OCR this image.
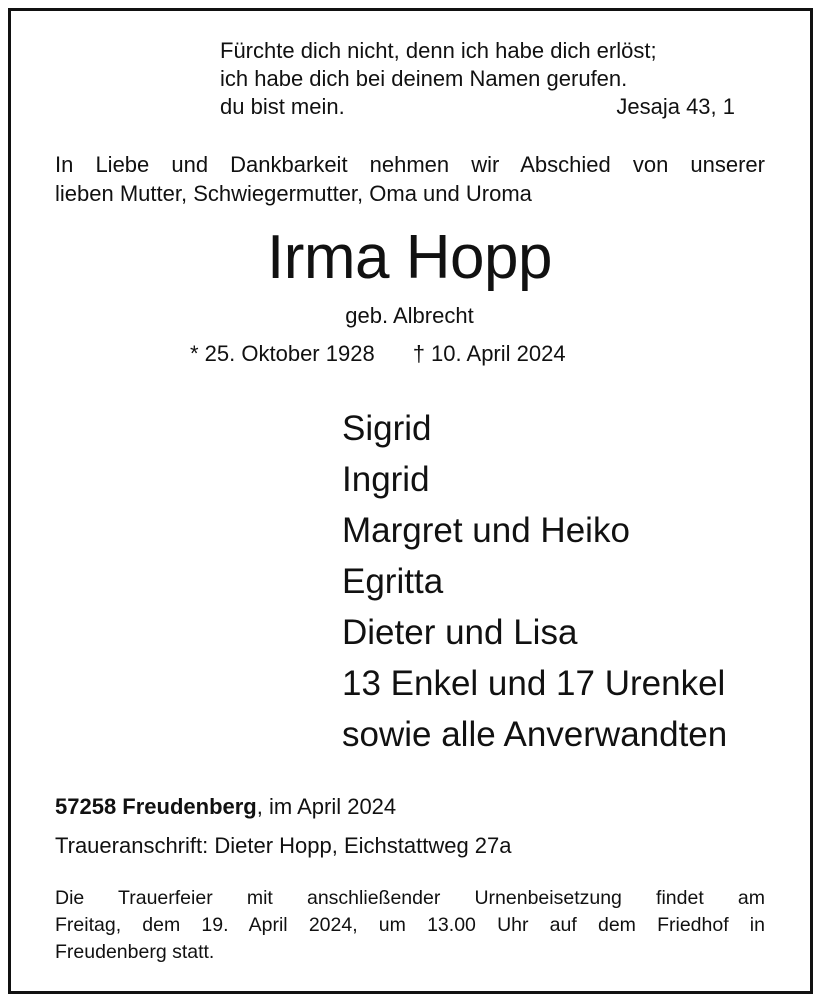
Fürchte dich nicht, denn ich habe dich erlöst;
ich habe dich bei deinem Namen gerufen.
du bist mein.	Jesaja 43, 1
In Liebe und Dankbarkeit nehmen wir Abschied von unserer
lieben Mutter, Schwiegermutter, Oma und Uroma
Irma Hopp
geb. Albrecht
* 25. Oktober 1928 † 10. April 2024
Sigrid
Ingrid
Margret und Heiko
Egritta
Dieter und Lisa
13 Enkel und 17 Urenkel
sowie alle Anverwandten
57258 Freudenberg, im April 2024
Traueranschrift: Dieter Hopp, Eichstattweg 27a
Die Trauerfeier mit anschließender Urnenbeisetzung findet am
Freitag, dem 19. April 2024, um 13.00 Uhr auf dem Friedhof in
Freudenberg statt.
